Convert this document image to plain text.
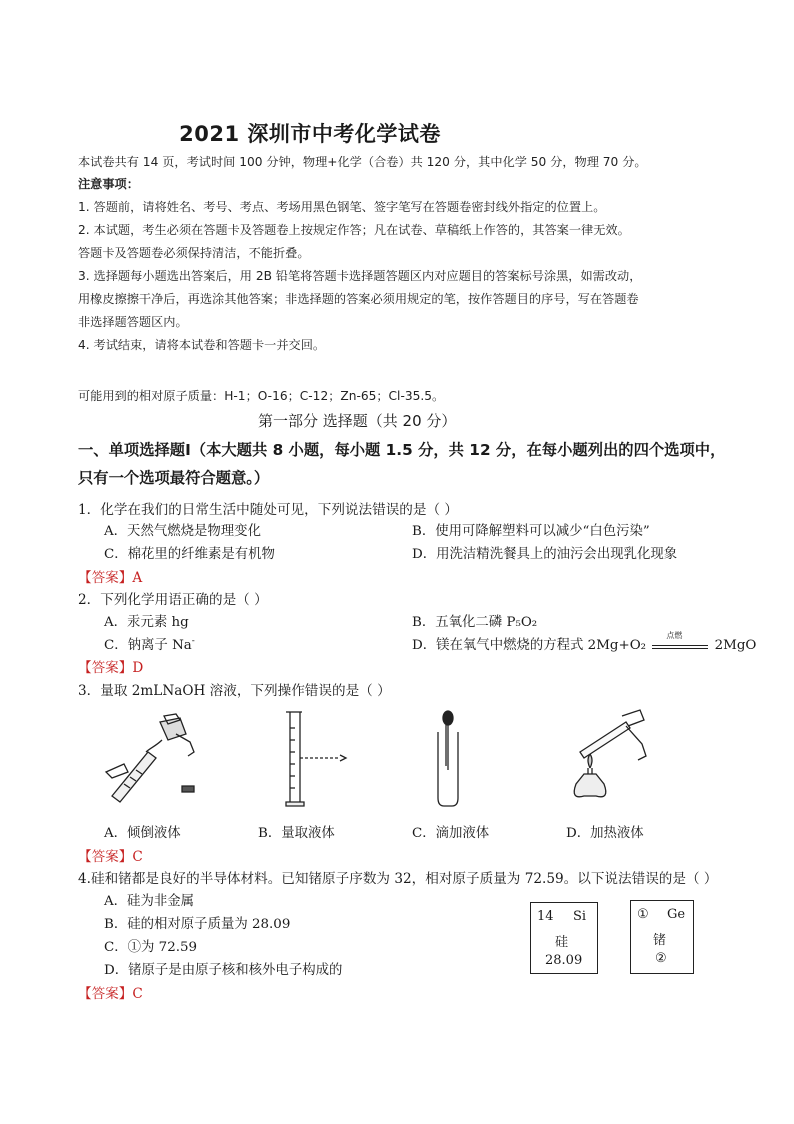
2021 深圳市中考化学试卷
本试卷共有 14 页，考试时间 100 分钟，物理+化学（合卷）共 120 分，其中化学 50 分，物理 70 分。
注意事项：
1. 答题前，请将姓名、考号、考点、考场用黑色钢笔、签字笔写在答题卷密封线外指定的位置上。
2. 本试题，考生必须在答题卡及答题卷上按规定作答；凡在试卷、草稿纸上作答的，其答案一律无效。
答题卡及答题卷必须保持清洁，不能折叠。
3. 选择题每小题选出答案后，用 2B 铅笔将答题卡选择题答题区内对应题目的答案标号涂黑，如需改动，
用橡皮擦擦干净后，再选涂其他答案；非选择题的答案必须用规定的笔，按作答题目的序号，写在答题卷
非选择题答题区内。
4. 考试结束，请将本试卷和答题卡一并交回。
可能用到的相对原子质量：H-1；O-16；C-12；Zn-65；Cl-35.5。
第一部分 选择题（共 20 分）
一、单项选择题Ⅰ（本大题共 8 小题，每小题 1.5 分，共 12 分，在每小题列出的四个选项中，
只有一个选项最符合题意。）
1．化学在我们的日常生活中随处可见，下列说法错误的是（ ）
A．天然气燃烧是物理变化	B．使用可降解塑料可以减少“白色污染”
C．棉花里的纤维素是有机物	D．用洗洁精洗餐具上的油污会出现乳化现象
【答案】A
2．下列化学用语正确的是（ ）
A．汞元素 hg	B．五氧化二磷 P₅O₂
C．钠离子 Na-	D．镁在氧气中燃烧的方程式 2Mg+O₂
点燃
2MgO
【答案】D
3．量取 2mLNaOH 溶液，下列操作错误的是（ ）
A．倾倒液体	B．量取液体	C．滴加液体	D．加热液体
【答案】C
4.硅和锗都是良好的半导体材料。已知锗原子序数为 32，相对原子质量为 72.59。以下说法错误的是（ ）
A．硅为非金属
B．硅的相对原子质量为 28.09
C．①为 72.59
D．锗原子是由原子核和核外电子构成的
【答案】C
14 Si
硅
28.09
① Ge
锗
②
